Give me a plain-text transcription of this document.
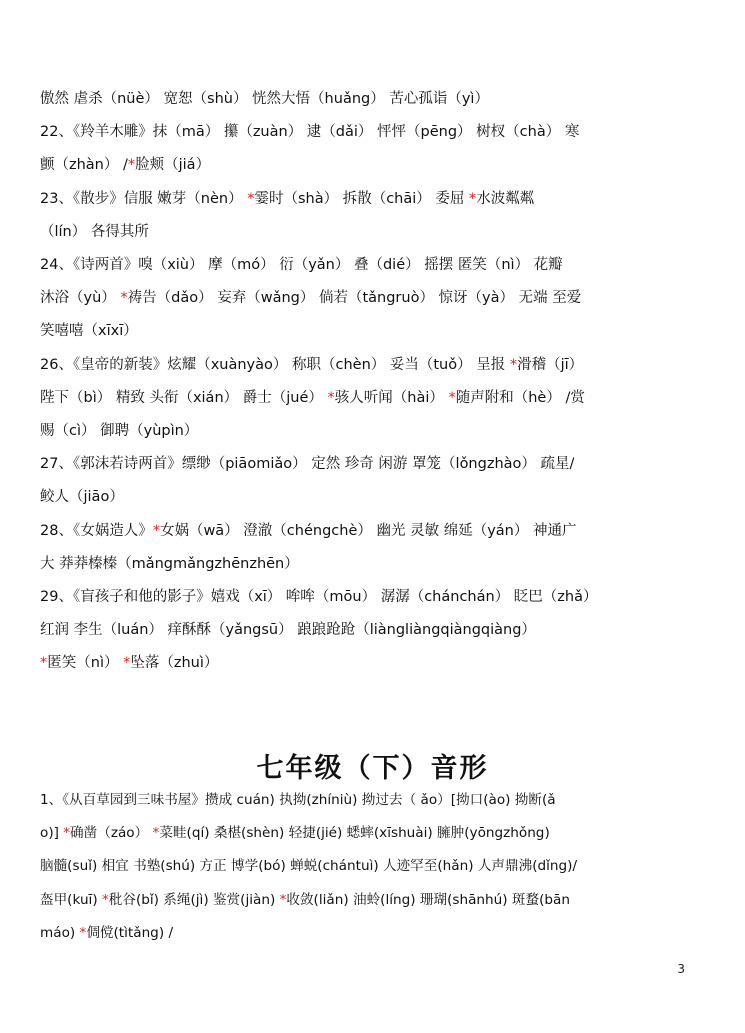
傲然 虐杀（nüè） 宽恕（shù） 恍然大悟（huǎng） 苦心孤诣（yì）
22、《羚羊木雕》抹（mā） 攥（zuàn） 逮（dǎi） 怦怦（pēng） 树杈（chà） 寒
颤（zhàn） /*脸颊（jiá）
23、《散步》信服 嫩芽（nèn） *霎时（shà） 拆散（chāi） 委屈 *水波粼粼
（lín） 各得其所
24、《诗两首》嗅（xiù） 摩（mó） 衍（yǎn） 叠（dié） 摇摆 匿笑（nì） 花瓣
沐浴（yù） *祷告（dǎo） 妄弃（wǎng） 倘若（tǎngruò） 惊讶（yà） 无端 至爱
笑嘻嘻（xīxī）
26、《皇帝的新装》炫耀（xuànyào） 称职（chèn） 妥当（tuǒ） 呈报 *滑稽（jī）
陛下（bì） 精致 头衔（xián） 爵士（jué） *骇人听闻（hài） *随声附和（hè） /赏
赐（cì） 御聘（yùpìn）
27、《郭沫若诗两首》缥缈（piāomiǎo） 定然 珍奇 闲游 罩笼（lǒngzhào） 疏星/
鲛人（jiāo）
28、《女娲造人》*女娲（wā） 澄澈（chéngchè） 幽光 灵敏 绵延（yán） 神通广
大 莽莽榛榛（mǎngmǎngzhēnzhēn）
29、《盲孩子和他的影子》嬉戏（xī） 哞哞（mōu） 潺潺（chánchán） 眨巴（zhǎ）
红润 李生（luán） 痒酥酥（yǎngsū） 踉踉跄跄（liàngliàngqiàngqiàng）
*匿笑（nì） *坠落（zhuì）
1、《从百草园到三味书屋》攒成 cuán) 执拗(zhíniù) 拗过去（ ǎo）[拗口(ào) 拗断(ǎ
o)] *确凿（záo） *菜畦(qí) 桑椹(shèn) 轻捷(jié) 蟋蟀(xīshuài) 臃肿(yōngzhǒng)
脑髓(suǐ) 相宜 书塾(shú) 方正 博学(bó) 蝉蜕(chántuì) 人迹罕至(hǎn) 人声鼎沸(dǐng)/
盔甲(kuī) *秕谷(bǐ) 系绳(jì) 鉴赏(jiàn) *收敛(liǎn) 油蛉(líng) 珊瑚(shānhú) 斑蝥(bān
máo) *倜傥(tìtǎng) /
七年级（下）音形
3
